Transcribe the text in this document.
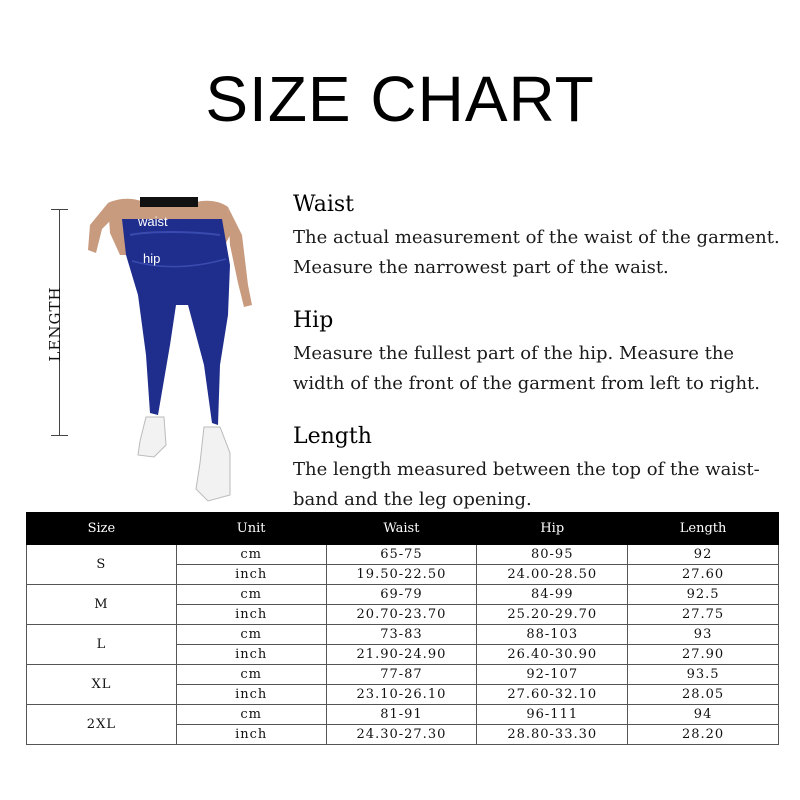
SIZE CHART
LENGTH
waist
hip
Waist

The actual measurement of the waist of the garment.

Measure the narrowest part of the waist.

Hip

Measure the fullest part of the hip. Measure the

width of the front of the garment from left to right.

Length

The length measured between the top of the waist-

band and the leg opening.

Size	Unit	Waist	Hip	Length
S	cm	65-75	80-95	92
	inch	19.50-22.50	24.00-28.50	27.60
M	cm	69-79	84-99	92.5
	inch	20.70-23.70	25.20-29.70	27.75
L	cm	73-83	88-103	93
	inch	21.90-24.90	26.40-30.90	27.90
XL	cm	77-87	92-107	93.5
	inch	23.10-26.10	27.60-32.10	28.05
2XL	cm	81-91	96-111	94
	inch	24.30-27.30	28.80-33.30	28.20
